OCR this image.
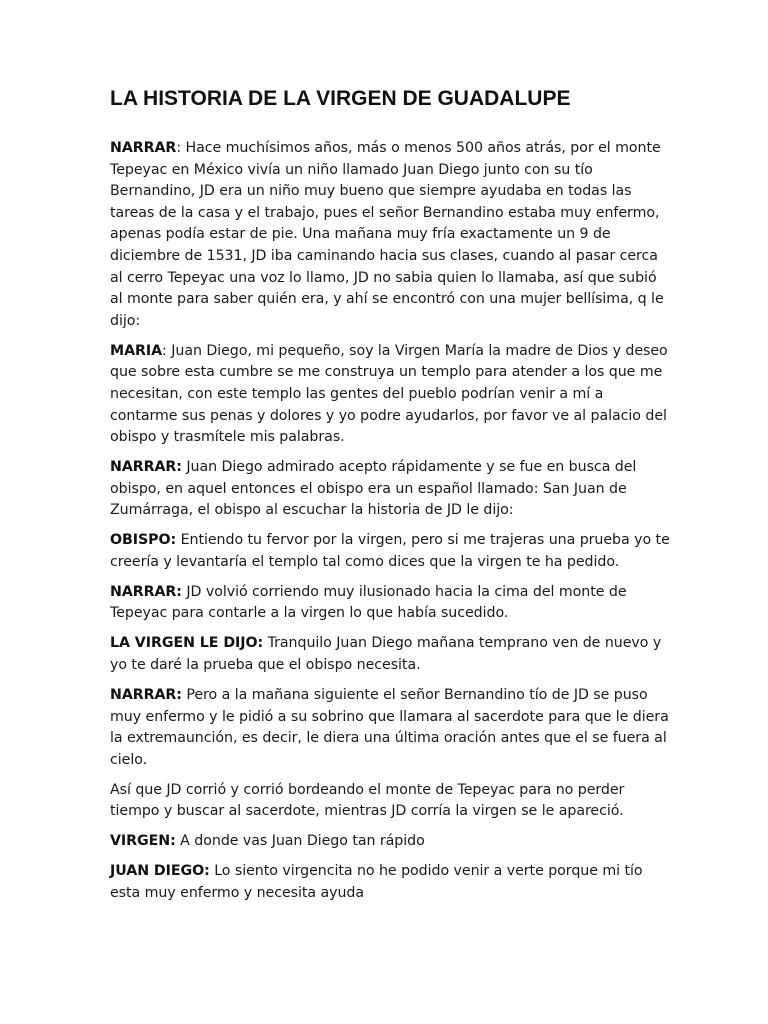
LA HISTORIA DE LA VIRGEN DE GUADALUPE

NARRAR: Hace muchísimos años, más o menos 500 años atrás, por el monte Tepeyac en México vivía un niño llamado Juan Diego junto con su tío Bernandino, JD era un niño muy bueno que siempre ayudaba en todas las tareas de la casa y el trabajo, pues el señor Bernandino estaba muy enfermo, apenas podía estar de pie. Una mañana muy fría exactamente un 9 de diciembre de 1531, JD iba caminando hacia sus clases, cuando al pasar cerca al cerro Tepeyac una voz lo llamo, JD no sabia quien lo llamaba, así que subió al monte para saber quién era, y ahí se encontró con una mujer bellísima, q le dijo:

MARIA: Juan Diego, mi pequeño, soy la Virgen María la madre de Dios y deseo que sobre esta cumbre se me construya un templo para atender a los que me necesitan, con este templo las gentes del pueblo podrían venir a mí a contarme sus penas y dolores y yo podre ayudarlos, por favor ve al palacio del obispo y trasmítele mis palabras.

NARRAR: Juan Diego admirado acepto rápidamente y se fue en busca del obispo, en aquel entonces el obispo era un español llamado: San Juan de Zumárraga, el obispo al escuchar la historia de JD le dijo:

OBISPO: Entiendo tu fervor por la virgen, pero si me trajeras una prueba yo te creería y levantaría el templo tal como dices que la virgen te ha pedido.

NARRAR: JD volvió corriendo muy ilusionado hacia la cima del monte de Tepeyac para contarle a la virgen lo que había sucedido.

LA VIRGEN LE DIJO: Tranquilo Juan Diego mañana temprano ven de nuevo y yo te daré la prueba que el obispo necesita.

NARRAR: Pero a la mañana siguiente el señor Bernandino tío de JD se puso muy enfermo y le pidió a su sobrino que llamara al sacerdote para que le diera la extremaunción, es decir, le diera una última oración antes que el se fuera al cielo.

Así que JD corrió y corrió bordeando el monte de Tepeyac para no perder tiempo y buscar al sacerdote, mientras JD corría la virgen se le apareció.

VIRGEN: A donde vas Juan Diego tan rápido

JUAN DIEGO: Lo siento virgencita no he podido venir a verte porque mi tío esta muy enfermo y necesita ayuda
